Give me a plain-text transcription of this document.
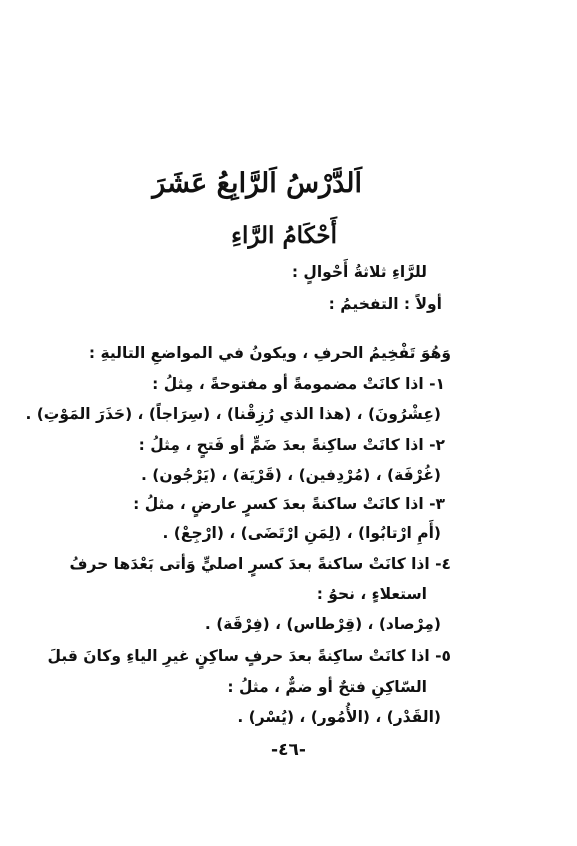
اَلدَّرْسُ اَلرَّابِعُ عَشَرَ
أَحْكَامُ الرَّاءِ
للرَّاءِ ثلاثةُ أَحْوالٍ :
أولاً : التفخيمُ :
وَهُوَ تَفْخِيمُ الحرفِ ، ويكونُ في المواضعِ التاليةِ :
١- اذا كانَتْ مضمومةً أو مفتوحةً ، مِثلُ :
(عِشْرُونَ) ، (هذا الذي رُزِقْنا) ، (سِرَاجاً) ، (حَذَرَ المَوْتِ) .
٢- اذا كانَتْ ساكِنةً بعدَ ضَمٍّ أو فَتحٍ ، مِثلُ :
(غُرْفَة) ، (مُرْدِفين) ، (قَرْيَة) ، (يَرْجُون) .
٣- اذا كانَتْ ساكنةً بعدَ كسرٍ عارضٍ ، مثلُ :
(أَمِ ارْتابُوا) ، (لِمَنِ ارْتَضَى) ، (ارْجِعْ) .
٤- اذا كانَتْ ساكنةً بعدَ كسرٍ اصليٍّ وَأتى بَعْدَها حرفُ
استعلاءٍ ، نحوُ :
(مِرْصاد) ، (قِرْطاس) ، (فِرْقَة) .
٥- اذا كانَتْ ساكِنةً بعدَ حرفٍ ساكِنٍ غيرِ الياءِ وكانَ قبلَ
السّاكِنِ فتحٌ أو ضمٌّ ، مثلُ :
(القَدْر) ، (الأُمُور) ، (يُسْر) .
-٤٦-
